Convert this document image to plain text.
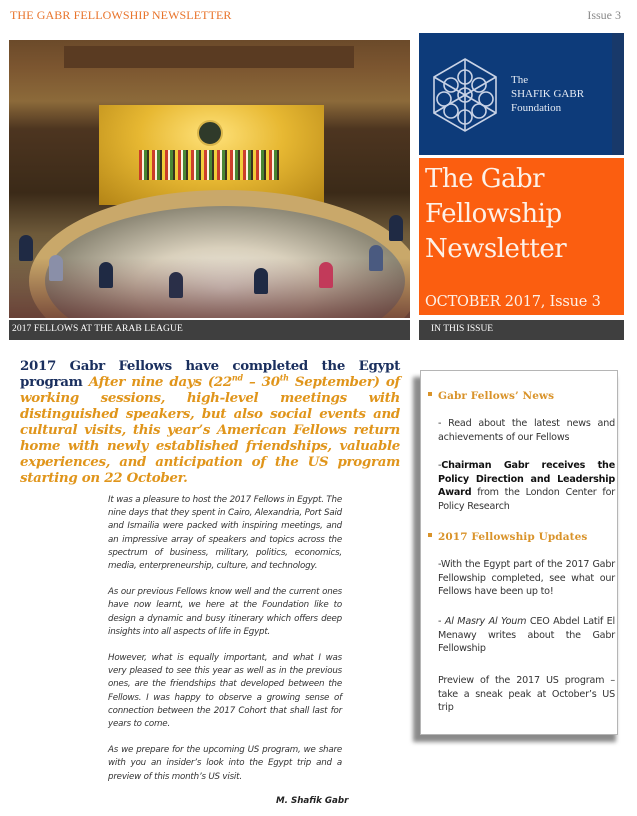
THE GABR FELLOWSHIP NEWSLETTER	Issue 3
2017 FELLOWS AT THE ARAB LEAGUE
The
SHAFIK GABR
Foundation
The Gabr
Fellowship
Newsletter
OCTOBER 2017, Issue 3
IN THIS ISSUE
2017 Gabr Fellows have completed the Egypt program After nine days (22nd – 30th September) of working sessions, high-level meetings with distinguished speakers, but also social events and cultural visits, this year’s American Fellows return home with newly established friendships, valuable experiences, and anticipation of the US program starting on 22 October.

It was a pleasure to host the 2017 Fellows in Egypt. The nine days that they spent in Cairo, Alexandria, Port Said and Ismailia were packed with inspiring meetings, and an impressive array of speakers and topics across the spectrum of business, military, politics, economics, media, enterpreneurship, culture, and technology.

As our previous Fellows know well and the current ones have now learnt, we here at the Foundation like to design a dynamic and busy itinerary which offers deep insights into all aspects of life in Egypt.

However, what is equally important, and what I was very pleased to see this year as well as in the previous ones, are the friendships that developed between the Fellows. I was happy to observe a growing sense of connection between the 2017 Cohort that shall last for years to come.

As we prepare for the upcoming US program, we share with you an insider’s look into the Egypt trip and a preview of this month’s US visit.

M. Shafik Gabr
Gabr Fellows’ News
- Read about the latest news and achievements of our Fellows
-Chairman Gabr receives the Policy Direction and Leadership Award from the London Center for Policy Research
2017 Fellowship Updates
-With the Egypt part of the 2017 Gabr Fellowship completed, see what our Fellows have been up to!
- Al Masry Al Youm CEO Abdel Latif El Menawy writes about the Gabr Fellowship
Preview of the 2017 US program – take a sneak peak at October’s US trip
